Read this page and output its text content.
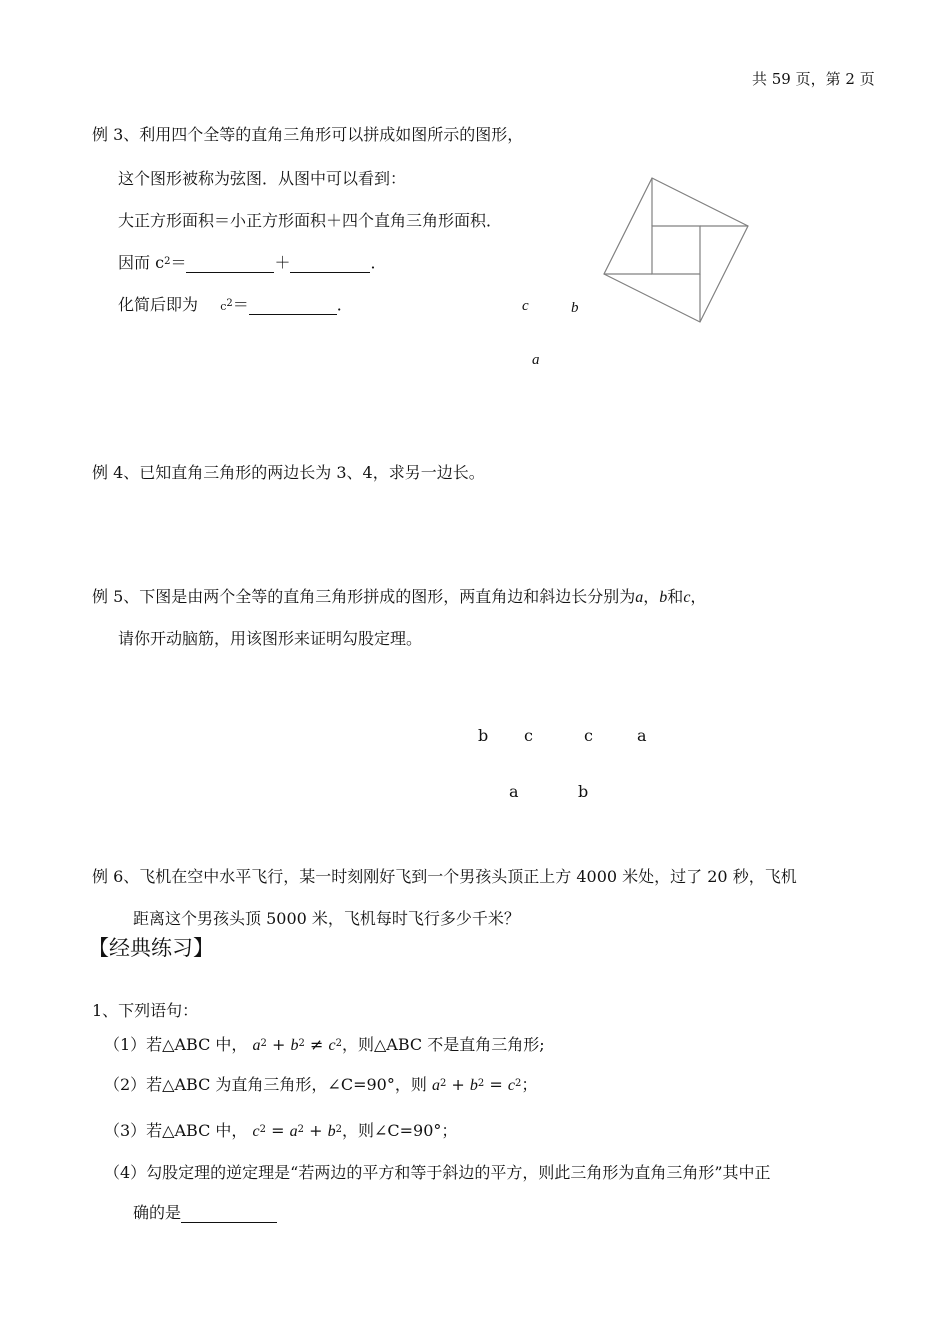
共 59 页，第 2 页
例 3、利用四个全等的直角三角形可以拼成如图所示的图形，
这个图形被称为弦图．从图中可以看到：
大正方形面积＝小正方形面积＋四个直角三角形面积．
因而 $c^2=$	＋	．
化简后即为 $c^2=$	．	c	b
a
例 4、已知直角三角形的两边长为 3、4，求另一边长。
例 5、下图是由两个全等的直角三角形拼成的图形，两直角边和斜边长分别为a，b和c，
请你开动脑筋，用该图形来证明勾股定理。
b c	c	a
a	b
例 6、飞机在空中水平飞行，某一时刻刚好飞到一个男孩头顶正上方 4000 米处，过了 20 秒，飞机
距离这个男孩头顶 5000 米，飞机每时飞行多少千米？
【经典练习】
1、下列语句：
（1）若△ABC 中， $a^2 + b^2 \ne c^2$，则△ABC 不是直角三角形;
（2）若△ABC 为直角三角形，∠C=90°，则 $a^2 + b^2 = c^2$；
（3）若△ABC 中， $c^2 = a^2 + b^2$，则∠C=90°；
（4）勾股定理的逆定理是“若两边的平方和等于斜边的平方，则此三角形为直角三角形”其中正
确的是
